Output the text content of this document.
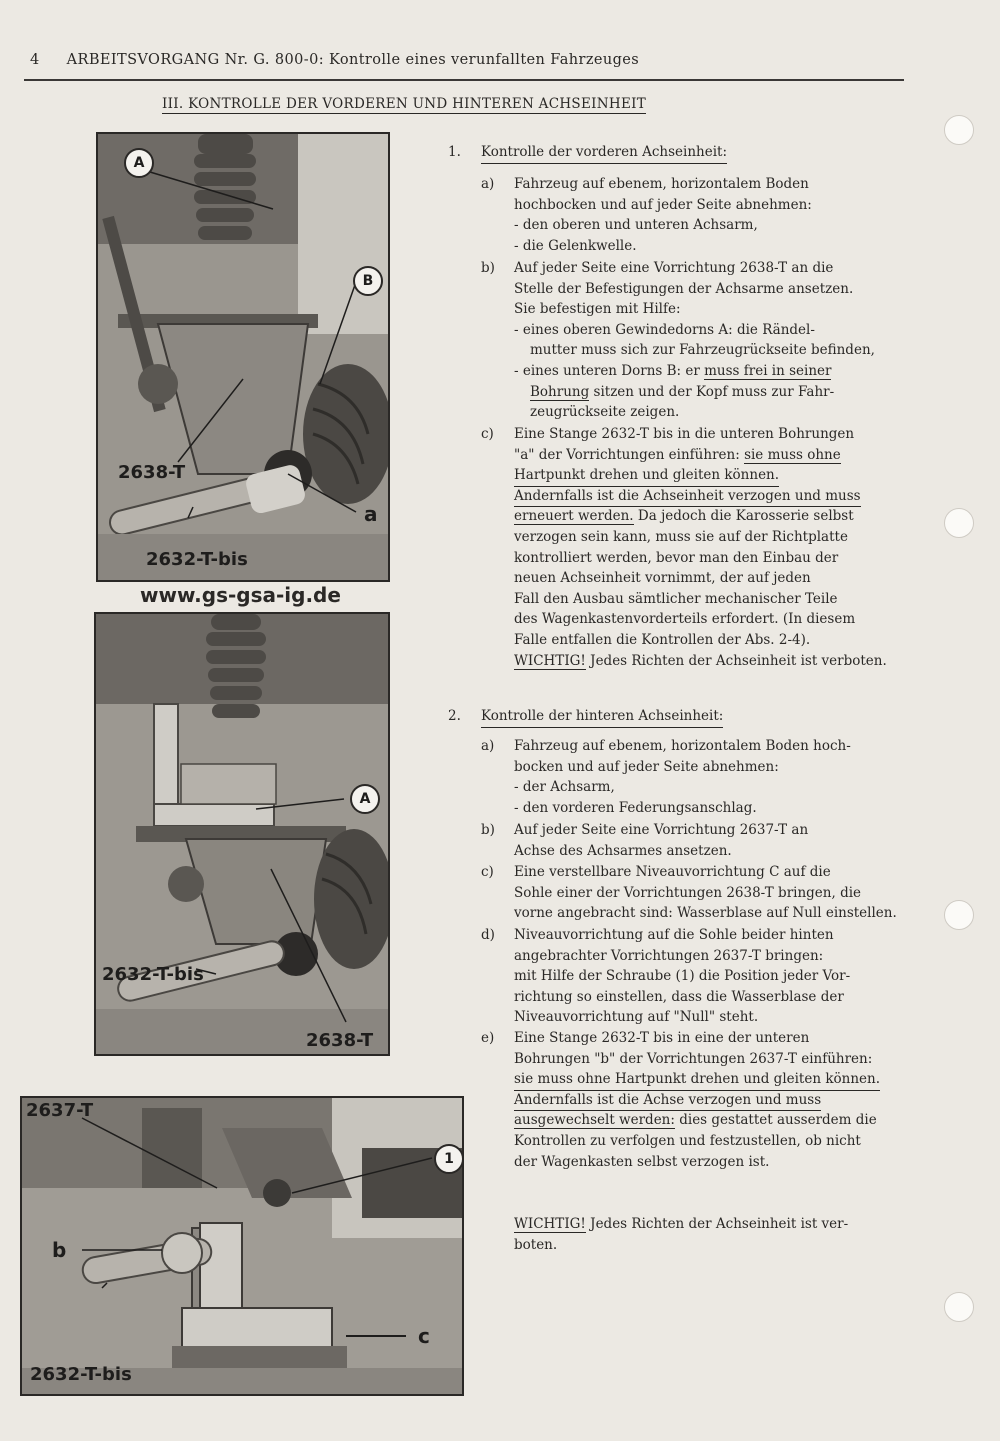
4 ARBEITSVORGANG Nr. G. 800-0: Kontrolle eines verunfallten Fahrzeuges
III. KONTROLLE DER VORDEREN UND HINTEREN ACHSEINHEIT
A
B
2638-T
a
2632-T-bis
www.gs-gsa-ig.de
A
2632-T-bis
2638-T
2637-T
1
b
2632-T-bis
c
1. Kontrolle der vorderen Achseinheit:
a) Fahrzeug auf ebenem, horizontalem Boden
hochbocken und auf jeder Seite abnehmen:
- den oberen und unteren Achsarm,
- die Gelenkwelle.
b) Auf jeder Seite eine Vorrichtung 2638-T an die
Stelle der Befestigungen der Achsarme ansetzen.
Sie befestigen mit Hilfe:
- eines oberen Gewindedorns A: die Rändel-
mutter muss sich zur Fahrzeugrückseite befinden,
- eines unteren Dorns B: er muss frei in seiner
Bohrung sitzen und der Kopf muss zur Fahr-
zeugrückseite zeigen.
c) Eine Stange 2632-T bis in die unteren Bohrungen
"a" der Vorrichtungen einführen: sie muss ohne
Hartpunkt drehen und gleiten können.
Andernfalls ist die Achseinheit verzogen und muss
erneuert werden. Da jedoch die Karosserie selbst
verzogen sein kann, muss sie auf der Richtplatte
kontrolliert werden, bevor man den Einbau der
neuen Achseinheit vornimmt, der auf jeden
Fall den Ausbau sämtlicher mechanischer Teile
des Wagenkastenvorderteils erfordert. (In diesem
Falle entfallen die Kontrollen der Abs. 2-4).
WICHTIG! Jedes Richten der Achseinheit ist verboten.
2. Kontrolle der hinteren Achseinheit:
a) Fahrzeug auf ebenem, horizontalem Boden hoch-
bocken und auf jeder Seite abnehmen:
- der Achsarm,
- den vorderen Federungsanschlag.
b) Auf jeder Seite eine Vorrichtung 2637-T an
Achse des Achsarmes ansetzen.
c) Eine verstellbare Niveauvorrichtung C auf die
Sohle einer der Vorrichtungen 2638-T bringen, die
vorne angebracht sind: Wasserblase auf Null einstellen.
d) Niveauvorrichtung auf die Sohle beider hinten
angebrachter Vorrichtungen 2637-T bringen:
mit Hilfe der Schraube (1) die Position jeder Vor-
richtung so einstellen, dass die Wasserblase der
Niveauvorrichtung auf "Null" steht.
e) Eine Stange 2632-T bis in eine der unteren
Bohrungen "b" der Vorrichtungen 2637-T einführen:
sie muss ohne Hartpunkt drehen und gleiten können.
Andernfalls ist die Achse verzogen und muss
ausgewechselt werden: dies gestattet ausserdem die
Kontrollen zu verfolgen und festzustellen, ob nicht
der Wagenkasten selbst verzogen ist.
WICHTIG! Jedes Richten der Achseinheit ist ver-
boten.
